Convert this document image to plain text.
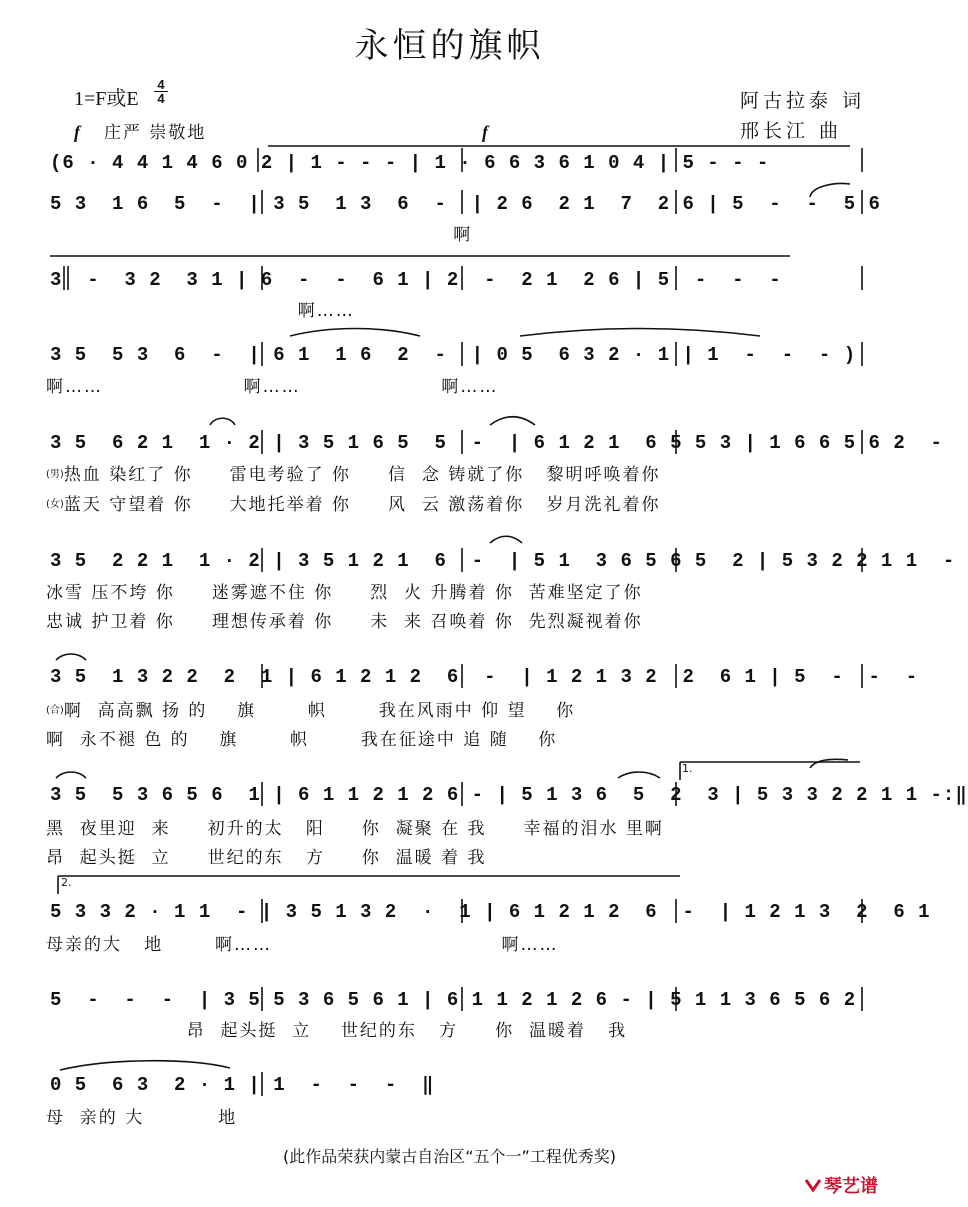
永恒的旗帜
1=F或E
4
4	阿古拉泰 词
邢长江 曲
f 庄严 崇敬地	f
(6 · 4 4 1 4 6 0 2 | 1 - - - | 1 · 6 6 3 6 1 0 4 | 5 - - -
5 3  1 6  5  -  | 3 5  1 3  6  -  | 2 6  2 1  7  2 6 | 5  -  -  5 6
啊
3  -  3 2  3 1 | 6  -  -  6 1 | 2  -  2 1  2 6 | 5  -  -  -
啊……
3 5  5 3  6  -  | 6 1  1 6  2  -  | 0 5  6 3 2 · 1 | 1  -  -  - )
啊……                   啊……                   啊……
3 5  6 2 1  1 · 2 | 3 5 1 6 5  5  -  | 6 1 2 1  6 5 5 3 | 1 6 6 5 6 2  -
(男)热血 染红了 你     雷电考验了 你     信  念 铸就了你   黎明呼唤着你
(女)蓝天 守望着 你     大地托举着 你     风  云 激荡着你   岁月洗礼着你
3 5  2 2 1  1 · 2 | 3 5 1 2 1  6  -  | 5 1  3 6 5 6 5  2 | 5 3 2 2 1 1  -
冰雪 压不垮 你     迷雾遮不住 你     烈  火 升腾着 你  苦难坚定了你
忠诚 护卫着 你     理想传承着 你     未  来 召唤着 你  先烈凝视着你
3 5  1 3 2 2  2  1 | 6 1 2 1 2  6  -  | 1 2 1 3 2  2  6 1 | 5  -  -  -
(合)啊  高高飘 扬 的    旗       帜       我在风雨中 仰 望    你
啊  永不褪 色 的    旗       帜       我在征途中 追 随    你
3 5  5 3 6 5 6  1 | 6 1 1 2 1 2 6 - | 5 1 3 6  5  2  3 | 5 3 3 2 2 1 1 -:‖
黑  夜里迎  来     初升的太   阳     你  凝聚 在 我     幸福的泪水 里啊
昂  起头挺  立     世纪的东   方     你  温暖 着 我
5 3 3 2 · 1 1  - | 3 5 1 3 2  ·  1 | 6 1 2 1 2  6  -  | 1 2 1 3  2  6 1
母亲的大   地       啊……                               啊……
5  -  -  -  | 3 5 5 3 6 5 6 1 | 6 1 1 2 1 2 6 - | 5 1 1 3 6 5 6 2
昂  起头挺  立    世纪的东   方     你  温暖着   我
0 5  6 3  2 · 1 | 1  -  -  -  ‖
母  亲的 大          地
1.
2.
(此作品荣获内蒙古自治区“五个一”工程优秀奖)
琴艺谱
